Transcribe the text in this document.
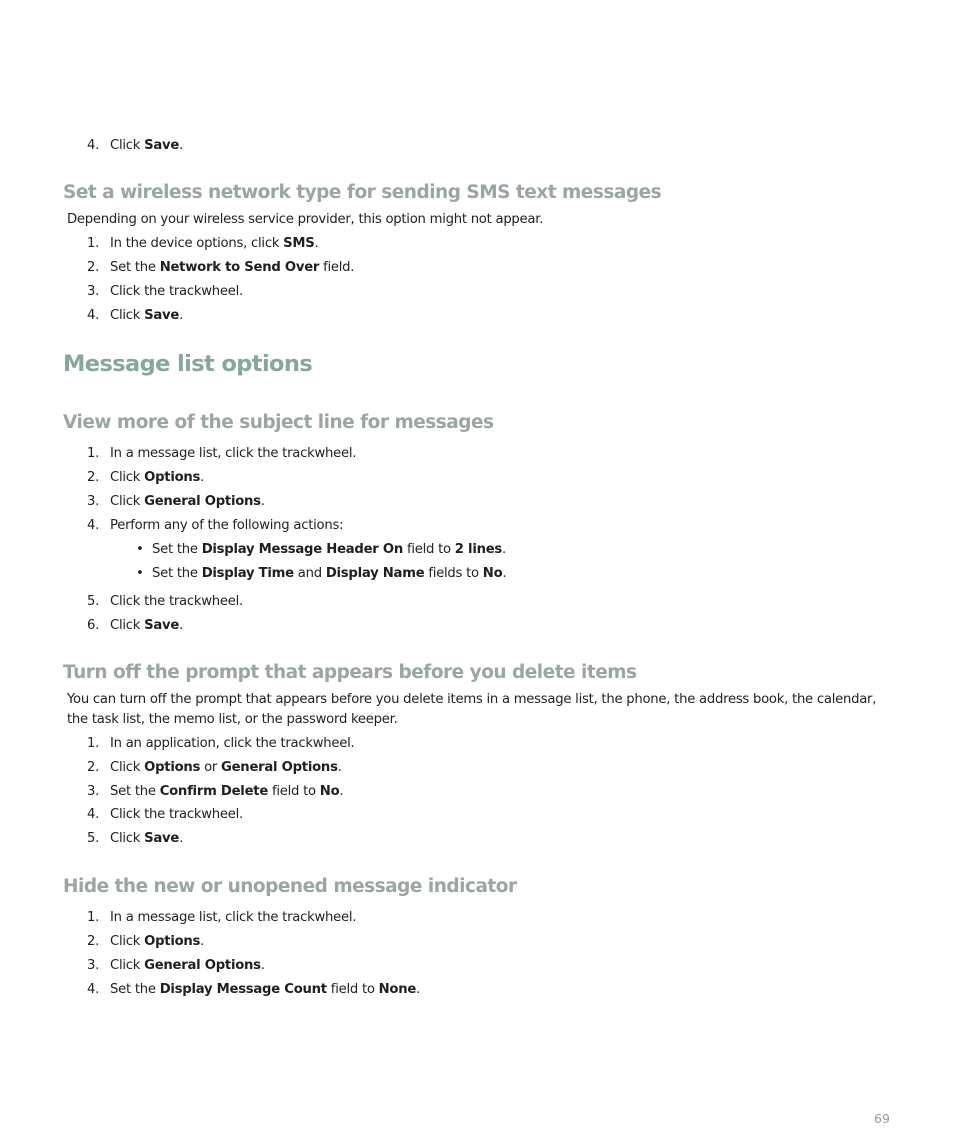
4. Click Save.
Set a wireless network type for sending SMS text messages
Depending on your wireless service provider, this option might not appear.
1. In the device options, click SMS.
2. Set the Network to Send Over field.
3. Click the trackwheel.
4. Click Save.
Message list options
View more of the subject line for messages
1. In a message list, click the trackwheel.
2. Click Options.
3. Click General Options.
4. Perform any of the following actions:
• Set the Display Message Header On field to 2 lines.
• Set the Display Time and Display Name fields to No.
5. Click the trackwheel.
6. Click Save.
Turn off the prompt that appears before you delete items
You can turn off the prompt that appears before you delete items in a message list, the phone, the address book, the calendar, the task list, the memo list, or the password keeper.
1. In an application, click the trackwheel.
2. Click Options or General Options.
3. Set the Confirm Delete field to No.
4. Click the trackwheel.
5. Click Save.
Hide the new or unopened message indicator
1. In a message list, click the trackwheel.
2. Click Options.
3. Click General Options.
4. Set the Display Message Count field to None.
69
